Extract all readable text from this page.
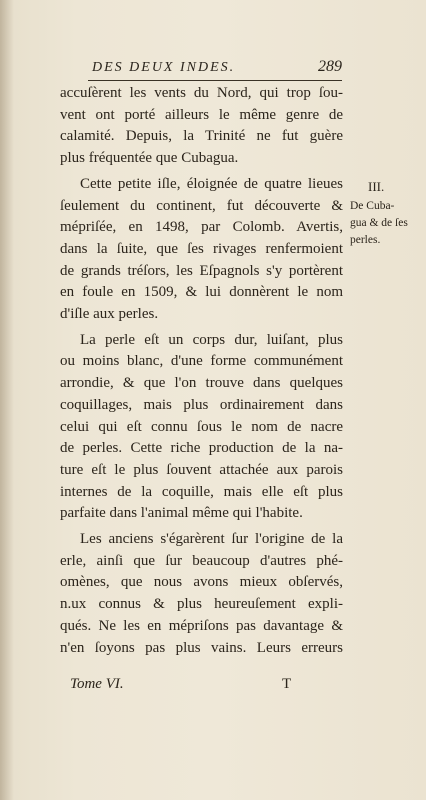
DES DEUX INDES.	289
accuſèrent les vents du Nord, qui trop ſou-
vent ont porté ailleurs le même genre de
calamité. Depuis, la Trinité ne fut guère
plus fréquentée que Cubagua.
Cette petite iſle, éloignée de quatre lieues
ſeulement du continent, fut découverte &
mépriſée, en 1498, par Colomb. Avertis,
dans la ſuite, que ſes rivages renfermoient
de grands tréſors, les Eſpagnols s'y portèrent
en foule en 1509, & lui donnèrent le nom
d'iſle aux perles.
La perle eſt un corps dur, luiſant, plus
ou moins blanc, d'une forme communément
arrondie, & que l'on trouve dans quelques
coquillages, mais plus ordinairement dans
celui qui eſt connu ſous le nom de nacre
de perles. Cette riche production de la na-
ture eſt le plus ſouvent attachée aux parois
internes de la coquille, mais elle eſt plus
parfaite dans l'animal même qui l'habite.
Les anciens s'égarèrent ſur l'origine de la
erle, ainſi que ſur beaucoup d'autres phé-
omènes, que nous avons mieux obſervés,
n.ux connus & plus heureuſement expli-
qués. Ne les en mépriſons pas davantage &
n'en ſoyons pas plus vains. Leurs erreurs
III.
De Cuba-
gua & de ſes
perles.
Tome VI.	T
